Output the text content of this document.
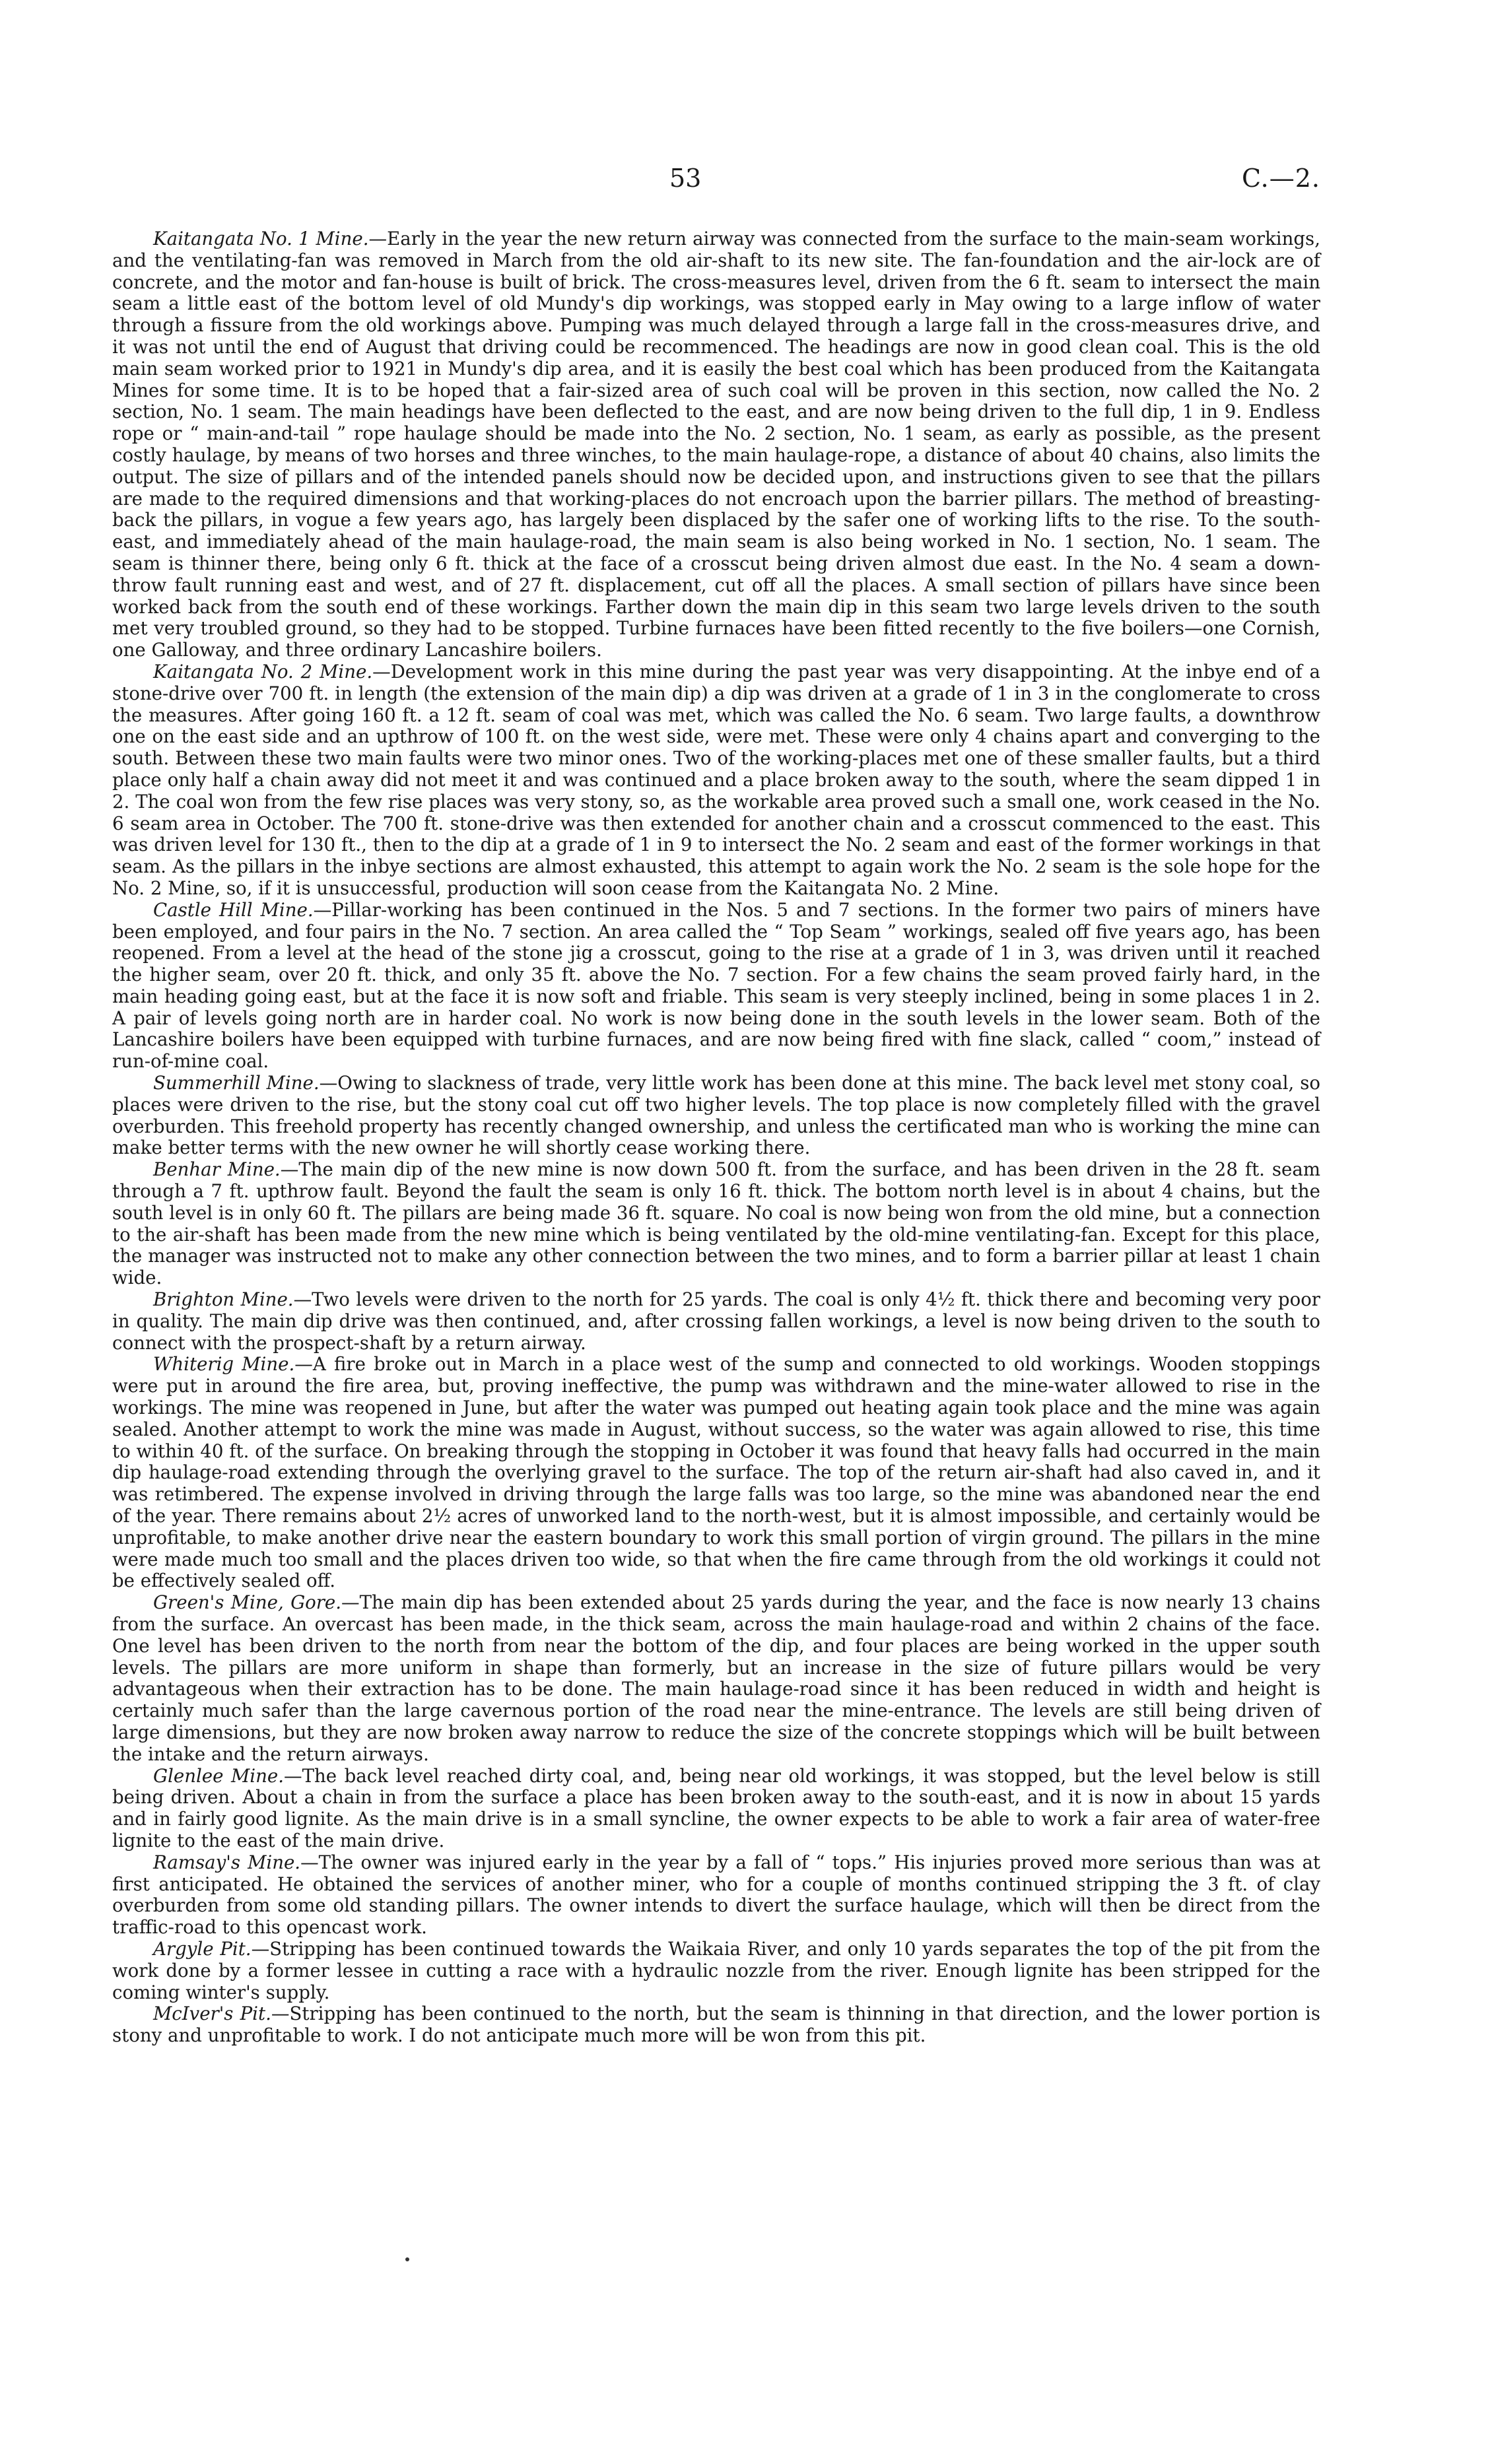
53	C.—2.

Kaitangata No. 1 Mine.—Early in the year the new return airway was connected from the surface to the main-seam workings, and the ventilating-fan was removed in March from the old air-shaft to its new site. The fan-foundation and the air-lock are of concrete, and the motor and fan-house is built of brick. The cross-measures level, driven from the 6 ft. seam to intersect the main seam a little east of the bottom level of old Mundy's dip workings, was stopped early in May owing to a large inflow of water through a fissure from the old workings above. Pumping was much delayed through a large fall in the cross-measures drive, and it was not until the end of August that driving could be recommenced. The headings are now in good clean coal. This is the old main seam worked prior to 1921 in Mundy's dip area, and it is easily the best coal which has been produced from the Kaitangata Mines for some time. It is to be hoped that a fair-sized area of such coal will be proven in this section, now called the No. 2 section, No. 1 seam. The main headings have been deflected to the east, and are now being driven to the full dip, 1 in 9. Endless rope or “ main-and-tail ” rope haulage should be made into the No. 2 section, No. 1 seam, as early as possible, as the present costly haulage, by means of two horses and three winches, to the main haulage-rope, a distance of about 40 chains, also limits the output. The size of pillars and of the intended panels should now be decided upon, and instructions given to see that the pillars are made to the required dimensions and that working-places do not encroach upon the barrier pillars. The method of breasting-back the pillars, in vogue a few years ago, has largely been displaced by the safer one of working lifts to the rise. To the south-east, and immediately ahead of the main haulage-road, the main seam is also being worked in No. 1 section, No. 1 seam. The seam is thinner there, being only 6 ft. thick at the face of a crosscut being driven almost due east. In the No. 4 seam a down-throw fault running east and west, and of 27 ft. displacement, cut off all the places. A small section of pillars have since been worked back from the south end of these workings. Farther down the main dip in this seam two large levels driven to the south met very troubled ground, so they had to be stopped. Turbine furnaces have been fitted recently to the five boilers—one Cornish, one Galloway, and three ordinary Lancashire boilers.

Kaitangata No. 2 Mine.—Development work in this mine during the past year was very disappointing. At the inbye end of a stone-drive over 700 ft. in length (the extension of the main dip) a dip was driven at a grade of 1 in 3 in the conglomerate to cross the measures. After going 160 ft. a 12 ft. seam of coal was met, which was called the No. 6 seam. Two large faults, a downthrow one on the east side and an upthrow of 100 ft. on the west side, were met. These were only 4 chains apart and converging to the south. Between these two main faults were two minor ones. Two of the working-places met one of these smaller faults, but a third place only half a chain away did not meet it and was continued and a place broken away to the south, where the seam dipped 1 in 2. The coal won from the few rise places was very stony, so, as the workable area proved such a small one, work ceased in the No. 6 seam area in October. The 700 ft. stone-drive was then extended for another chain and a crosscut commenced to the east. This was driven level for 130 ft., then to the dip at a grade of 1 in 9 to intersect the No. 2 seam and east of the former workings in that seam. As the pillars in the inbye sections are almost exhausted, this attempt to again work the No. 2 seam is the sole hope for the No. 2 Mine, so, if it is unsuccessful, production will soon cease from the Kaitangata No. 2 Mine.

Castle Hill Mine.—Pillar-working has been continued in the Nos. 5 and 7 sections. In the former two pairs of miners have been employed, and four pairs in the No. 7 section. An area called the “ Top Seam ” workings, sealed off five years ago, has been reopened. From a level at the head of the stone jig a crosscut, going to the rise at a grade of 1 in 3, was driven until it reached the higher seam, over 20 ft. thick, and only 35 ft. above the No. 7 section. For a few chains the seam proved fairly hard, in the main heading going east, but at the face it is now soft and friable. This seam is very steeply inclined, being in some places 1 in 2. A pair of levels going north are in harder coal. No work is now being done in the south levels in the lower seam. Both of the Lancashire boilers have been equipped with turbine furnaces, and are now being fired with fine slack, called “ coom,” instead of run-of-mine coal.

Summerhill Mine.—Owing to slackness of trade, very little work has been done at this mine. The back level met stony coal, so places were driven to the rise, but the stony coal cut off two higher levels. The top place is now completely filled with the gravel overburden. This freehold property has recently changed ownership, and unless the certificated man who is working the mine can make better terms with the new owner he will shortly cease working there.

Benhar Mine.—The main dip of the new mine is now down 500 ft. from the surface, and has been driven in the 28 ft. seam through a 7 ft. upthrow fault. Beyond the fault the seam is only 16 ft. thick. The bottom north level is in about 4 chains, but the south level is in only 60 ft. The pillars are being made 36 ft. square. No coal is now being won from the old mine, but a connection to the air-shaft has been made from the new mine which is being ventilated by the old-mine ventilating-fan. Except for this place, the manager was instructed not to make any other connection between the two mines, and to form a barrier pillar at least 1 chain wide.

Brighton Mine.—Two levels were driven to the north for 25 yards. The coal is only 4½ ft. thick there and becoming very poor in quality. The main dip drive was then continued, and, after crossing fallen workings, a level is now being driven to the south to connect with the prospect-shaft by a return airway.

Whiterig Mine.—A fire broke out in March in a place west of the sump and connected to old workings. Wooden stoppings were put in around the fire area, but, proving ineffective, the pump was withdrawn and the mine-water allowed to rise in the workings. The mine was reopened in June, but after the water was pumped out heating again took place and the mine was again sealed. Another attempt to work the mine was made in August, without success, so the water was again allowed to rise, this time to within 40 ft. of the surface. On breaking through the stopping in October it was found that heavy falls had occurred in the main dip haulage-road extending through the overlying gravel to the surface. The top of the return air-shaft had also caved in, and it was retimbered. The expense involved in driving through the large falls was too large, so the mine was abandoned near the end of the year. There remains about 2½ acres of unworked land to the north-west, but it is almost impossible, and certainly would be unprofitable, to make another drive near the eastern boundary to work this small portion of virgin ground. The pillars in the mine were made much too small and the places driven too wide, so that when the fire came through from the old workings it could not be effectively sealed off.

Green's Mine, Gore.—The main dip has been extended about 25 yards during the year, and the face is now nearly 13 chains from the surface. An overcast has been made, in the thick seam, across the main haulage-road and within 2 chains of the face. One level has been driven to the north from near the bottom of the dip, and four places are being worked in the upper south levels. The pillars are more uniform in shape than formerly, but an increase in the size of future pillars would be very advantageous when their extraction has to be done. The main haulage-road since it has been reduced in width and height is certainly much safer than the large cavernous portion of the road near the mine-entrance. The levels are still being driven of large dimensions, but they are now broken away narrow to reduce the size of the concrete stoppings which will be built between the intake and the return airways.

Glenlee Mine.—The back level reached dirty coal, and, being near old workings, it was stopped, but the level below is still being driven. About a chain in from the surface a place has been broken away to the south-east, and it is now in about 15 yards and in fairly good lignite. As the main drive is in a small syncline, the owner expects to be able to work a fair area of water-free lignite to the east of the main drive.

Ramsay's Mine.—The owner was injured early in the year by a fall of “ tops.” His injuries proved more serious than was at first anticipated. He obtained the services of another miner, who for a couple of months continued stripping the 3 ft. of clay overburden from some old standing pillars. The owner intends to divert the surface haulage, which will then be direct from the traffic-road to this opencast work.

Argyle Pit.—Stripping has been continued towards the Waikaia River, and only 10 yards separates the top of the pit from the work done by a former lessee in cutting a race with a hydraulic nozzle from the river. Enough lignite has been stripped for the coming winter's supply.

McIver's Pit.—Stripping has been continued to the north, but the seam is thinning in that direction, and the lower portion is stony and unprofitable to work. I do not anticipate much more will be won from this pit.
